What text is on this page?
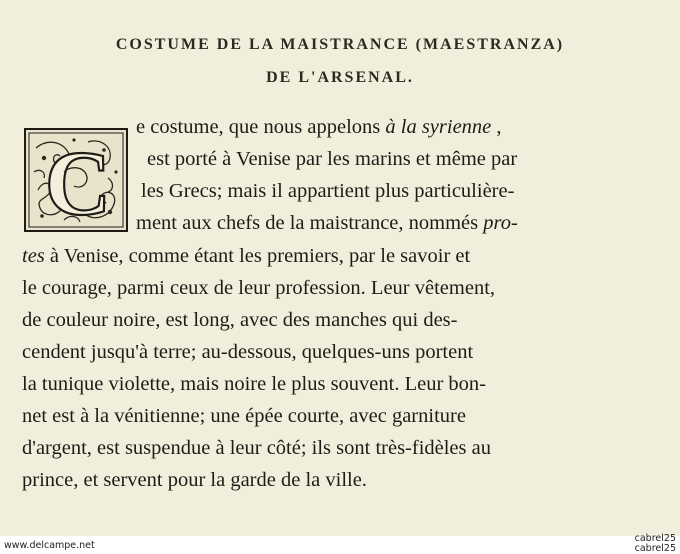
COSTUME DE LA MAISTRANCE (MAESTRANZA)
DE L'ARSENAL.
C
e costume, que nous appelons à la syrienne ,
est porté à Venise par les marins et même par
les Grecs; mais il appartient plus particulière-
ment aux chefs de la maistrance, nommés pro-
tes à Venise, comme étant les premiers, par le savoir et
le courage, parmi ceux de leur profession. Leur vêtement,
de couleur noire, est long, avec des manches qui des-
cendent jusqu'à terre; au-dessous, quelques-uns portent
la tunique violette, mais noire le plus souvent. Leur bon-
net est à la vénitienne; une épée courte, avec garniture
d'argent, est suspendue à leur côté; ils sont très-fidèles au
prince, et servent pour la garde de la ville.
www.delcampe.net
cabrel25
cabrel25
